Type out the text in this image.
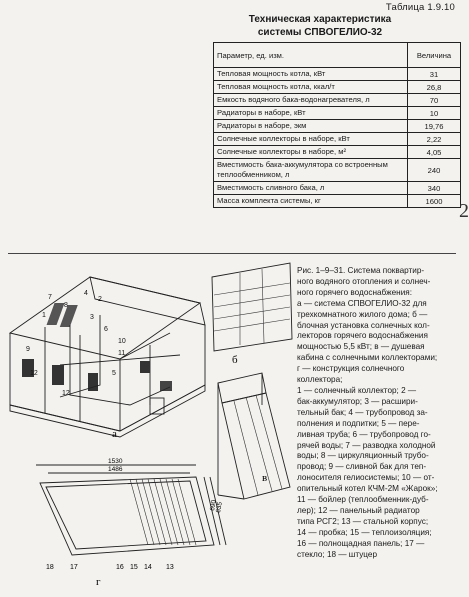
Таблица 1.9.10
Техническая характеристика
системы СПВОГЕЛИО-32
Параметр, ед. изм.	Величина
Тепловая мощность котла, кВт	31
Тепловая мощность котла, ккал/т	26,8
Емкость водяного бака-водонагревателя, л	70
Радиаторы в наборе, кВт	10
Радиаторы в наборе, экм	19,76
Солнечные коллекторы в наборе, кВт	2,22
Солнечные коллекторы в наборе, м²	4,05
Вместимость бака-аккумулятора со встроенным теплообменником, л	240
Вместимость сливного бака, л	340
Масса комплекта системы, кг	1600 2
7
8
9
10
11
12
12
4
2
6
3
5
1
а
б
в
1530
1486
690
635
18 17	16 15 14 13
г

Рис. 1–9–31. Система поквартир-

ного водяного отопления и солнеч-

ного горячего водоснабжения:

а — система СПВОГЕЛИО-32 для

трехкомнатного жилого дома; б —

блочная установка солнечных кол-

лекторов горячего водоснабжения

мощностью 5,5 кВт; в — душевая

кабина с солнечными коллекторами;

г — конструкция солнечного

коллектора;

1 — солнечный коллектор; 2 —

бак-аккумулятор; 3 — расшири-

тельный бак; 4 — трубопровод за-

полнения и подпитки; 5 — пере-

ливная труба; 6 — трубопровод го-

рячей воды; 7 — разводка холодной

воды; 8 — циркуляционный трубо-

провод; 9 — сливной бак для теп-

лоносителя гелиосистемы; 10 — от-

опительный котел КЧМ-2М «Жарок»;

11 — бойлер (теплообменник-дуб-

лер); 12 — панельный радиатор

типа РСГ2; 13 — стальной корпус;

14 — пробка; 15 — теплоизоляция;

16 — полнощадная панель; 17 —

стекло; 18 — штуцер
